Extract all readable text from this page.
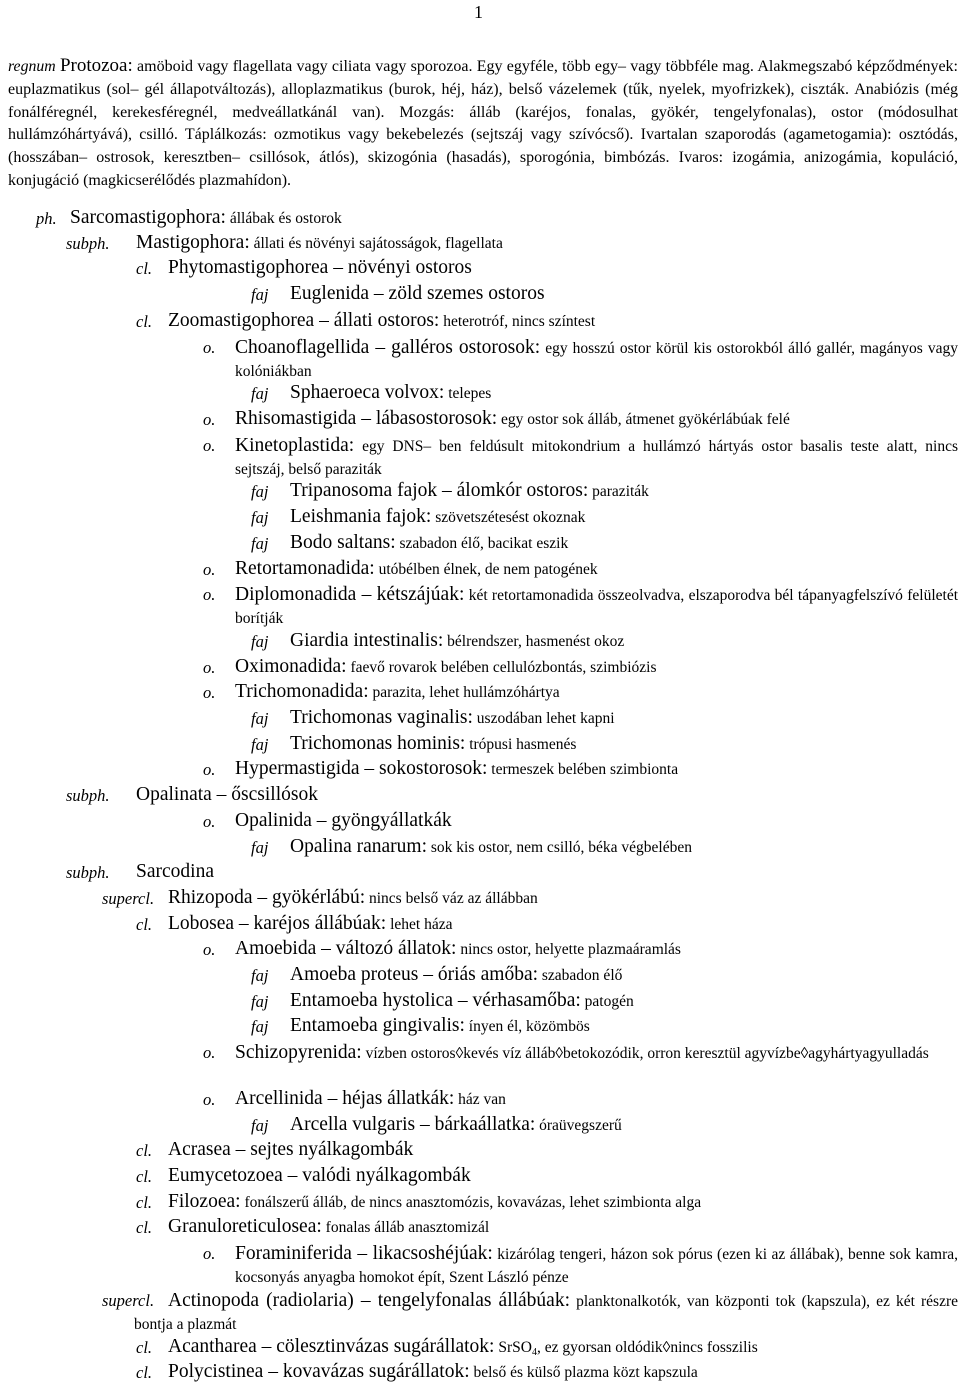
1
regnum Protozoa: amöboid vagy flagellata vagy ciliata vagy sporozoa. Egy egyféle, több egy– vagy többféle mag. Alakmegszabó képződmények: euplazmatikus (sol– gél állapotváltozás), alloplazmatikus (burok, héj, ház), belső vázelemek (tűk, nyelek, myofrizkek), ciszták. Anabiózis (még fonálféregnél, kerekesféregnél, medveállatkánál van). Mozgás: álláb (karéjos, fonalas, gyökér, tengelyfonalas), ostor (módosulhat hullámzóhártyává), csilló. Táplálkozás: ozmotikus vagy bekebelezés (sejtszáj vagy szívócső). Ivartalan szaporodás (agametogamia): osztódás, (hosszában– ostrosok, keresztben– csillósok, átlós), skizogónia (hasadás), sporogónia, bimbózás. Ivaros: izogámia, anizogámia, kopuláció, konjugáció (magkicserélődés plazmahídon).
ph. Sarcomastigophora: állábak és ostorok
subph. Mastigophora: állati és növényi sajátosságok, flagellata
cl. Phytomastigophorea – növényi ostoros
faj Euglenida – zöld szemes ostoros
cl. Zoomastigophorea – állati ostoros: heterotróf, nincs színtest
o. Choanoflagellida – galléros ostorosok: egy hosszú ostor körül kis ostorokból álló gallér, magányos vagy kolóniákban
faj Sphaeroeca volvox: telepes
o. Rhisomastigida – lábasostorosok: egy ostor sok álláb, átmenet gyökérlábúak felé
o. Kinetoplastida: egy DNS– ben feldúsult mitokondrium a hullámzó hártyás ostor basalis teste alatt, nincs sejtszáj, belső paraziták
faj Tripanosoma fajok – álomkór ostoros: paraziták
faj Leishmania fajok: szövetszétesést okoznak
faj Bodo saltans: szabadon élő, bacikat eszik
o. Retortamonadida: utóbélben élnek, de nem patogének
o. Diplomonadida – kétszájúak: két retortamonadida összeolvadva, elszaporodva bél tápanyagfelszívó felületét borítják
faj Giardia intestinalis: bélrendszer, hasmenést okoz
o. Oximonadida: faevő rovarok belében cellulózbontás, szimbiózis
o. Trichomonadida: parazita, lehet hullámzóhártya
faj Trichomonas vaginalis: uszodában lehet kapni
faj Trichomonas hominis: trópusi hasmenés
o. Hypermastigida – sokostorosok: termeszek belében szimbionta
subph. Opalinata – őscsillósok
o. Opalinida – gyöngyállatkák
faj Opalina ranarum: sok kis ostor, nem csilló, béka végbelében
subph. Sarcodina
supercl. Rhizopoda – gyökérlábú: nincs belső váz az állábban
cl. Lobosea – karéjos állábúak: lehet háza
o. Amoebida – változó állatok: nincs ostor, helyette plazmaáramlás
faj Amoeba proteus – óriás amőba: szabadon élő
faj Entamoeba hystolica – vérhasamőba: patogén
faj Entamoeba gingivalis: ínyen él, közömbös
o. Schizopyrenida: vízben ostoros◊kevés víz álláb◊betokozódik, orron keresztül agyvízbe◊agyhártyagyulladás
o. Arcellinida – héjas állatkák: ház van
faj Arcella vulgaris – bárkaállatka: óraüvegszerű
cl. Acrasea – sejtes nyálkagombák
cl. Eumycetozoea – valódi nyálkagombák
cl. Filozoea: fonálszerű álláb, de nincs anasztomózis, kovavázas, lehet szimbionta alga
cl. Granuloreticulosea: fonalas álláb anasztomizál
o. Foraminiferida – likacsoshéjúak: kizárólag tengeri, házon sok pórus (ezen ki az állábak), benne sok kamra, kocsonyás anyagba homokot épít, Szent László pénze
supercl. Actinopoda (radiolaria) – tengelyfonalas állábúak: planktonalkotók, van központi tok (kapszula), ez két részre bontja a plazmát
cl. Acantharea – cölesztinvázas sugárállatok: SrSO$_4$, ez gyorsan oldódik◊nincs fosszilis
cl. Polycistinea – kovavázas sugárállatok: belső és külső plazma közt kapszula
